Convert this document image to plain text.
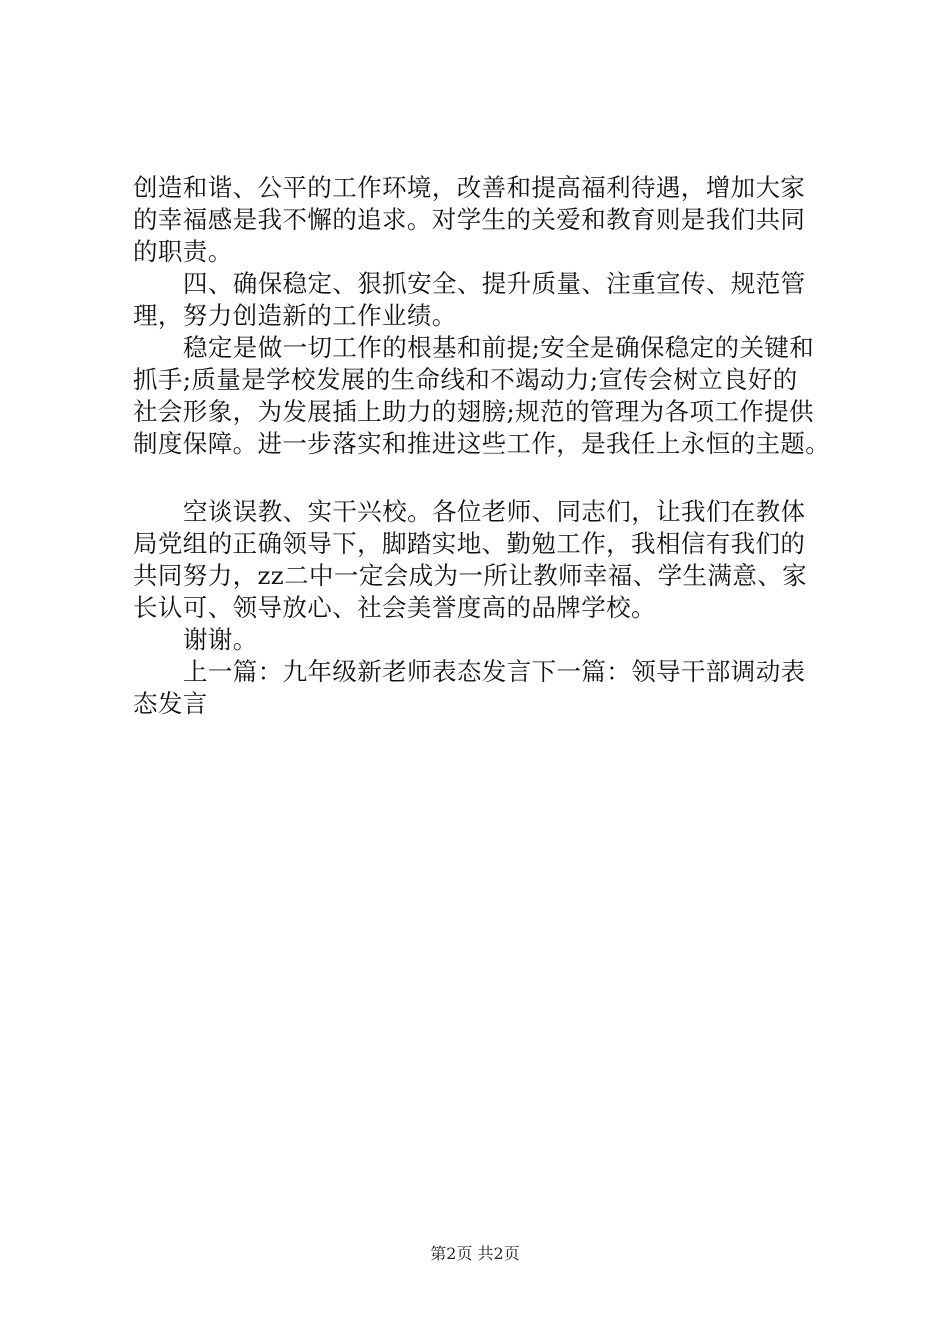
创造和谐、公平的工作环境，改善和提高福利待遇，增加大家
的幸福感是我不懈的追求。对学生的关爱和教育则是我们共同
的职责。
四、确保稳定、狠抓安全、提升质量、注重宣传、规范管
理，努力创造新的工作业绩。
稳定是做一切工作的根基和前提;安全是确保稳定的关键和
抓手;质量是学校发展的生命线和不竭动力;宣传会树立良好的
社会形象，为发展插上助力的翅膀;规范的管理为各项工作提供
制度保障。进一步落实和推进这些工作，是我任上永恒的主题。
空谈误教、实干兴校。各位老师、同志们，让我们在教体
局党组的正确领导下，脚踏实地、勤勉工作，我相信有我们的
共同努力，zz二中一定会成为一所让教师幸福、学生满意、家
长认可、领导放心、社会美誉度高的品牌学校。
谢谢。
上一篇：九年级新老师表态发言下一篇：领导干部调动表
态发言
第2页 共2页
